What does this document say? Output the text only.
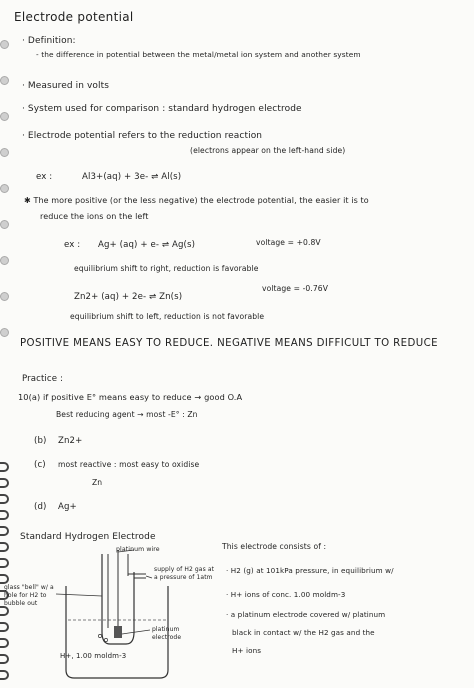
Electrode potential
· Definition:
- the difference in potential between the metal/metal ion system and another system
· Measured in volts
· System used for comparison : standard hydrogen electrode
· Electrode potential refers to the reduction reaction
(electrons appear on the left-hand side)
ex :	Al3+(aq) + 3e- ⇌ Al(s)
✱ The more positive (or the less negative) the electrode potential, the easier it is to
reduce the ions on the left
ex : Ag+ (aq) + e- ⇌ Ag(s)	voltage = +0.8V
equilibrium shift to right, reduction is favorable
Zn2+ (aq) + 2e- ⇌ Zn(s)
voltage = -0.76V
equilibrium shift to left, reduction is not favorable
POSITIVE MEANS EASY TO REDUCE. NEGATIVE MEANS DIFFICULT TO REDUCE
Practice :
10(a) if positive E° means easy to reduce → good O.A
Best reducing agent → most -E° : Zn
(b) Zn2+
(c) most reactive : most easy to oxidise
Zn
(d) Ag+
Standard Hydrogen Electrode
platinum wire
glass "bell" w/ a hole for H2 to bubble out
supply of H2 gas at a pressure of 1atm
platinum electrode
H+, 1.00 moldm-3
This electrode consists of :
· H2 (g) at 101kPa pressure, in equilibrium w/
· H+ ions of conc. 1.00 moldm-3
· a platinum electrode covered w/ platinum
black in contact w/ the H2 gas and the
H+ ions
